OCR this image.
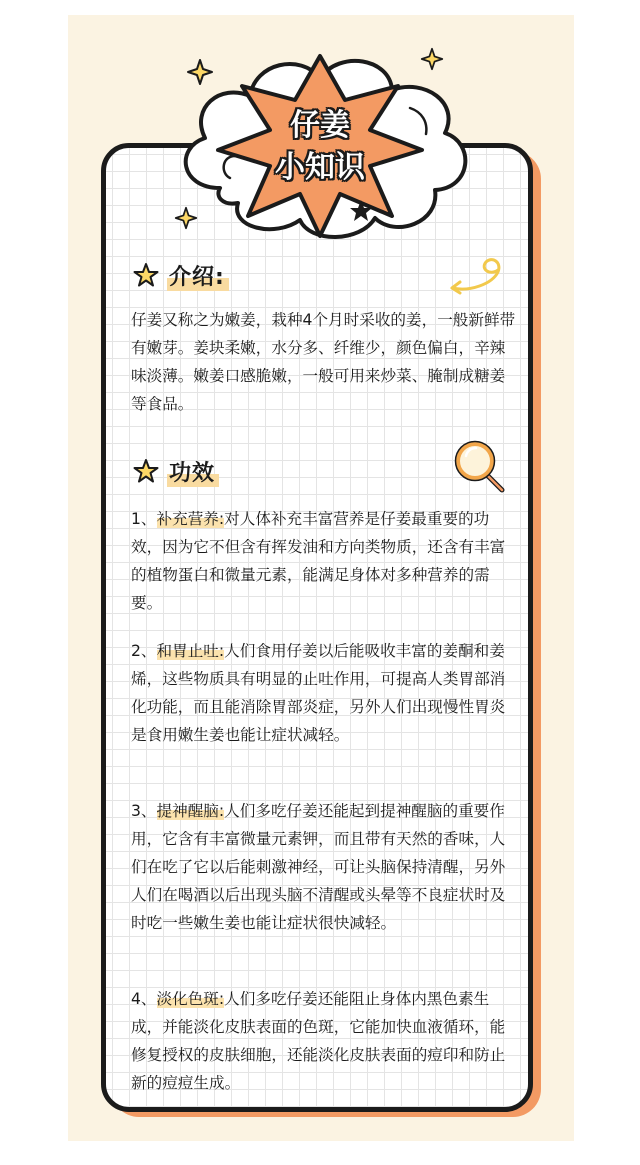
仔姜
小知识
介绍:

仔姜又称之为嫩姜，栽种4个月时采收的姜，一般新鲜带有嫩芽。姜块柔嫩，水分多、纤维少，颜色偏白，辛辣味淡薄。嫩姜口感脆嫩，一般可用来炒菜、腌制成糖姜等食品。

功效

1、补充营养:对人体补充丰富营养是仔姜最重要的功效，因为它不但含有挥发油和方向类物质，还含有丰富的植物蛋白和微量元素，能满足身体对多种营养的需要。

2、和胃止吐:人们食用仔姜以后能吸收丰富的姜酮和姜烯，这些物质具有明显的止吐作用，可提高人类胃部消化功能，而且能消除胃部炎症，另外人们出现慢性胃炎是食用嫩生姜也能让症状减轻。

3、提神醒脑:人们多吃仔姜还能起到提神醒脑的重要作用，它含有丰富微量元素钾，而且带有天然的香味，人们在吃了它以后能刺激神经，可让头脑保持清醒，另外人们在喝酒以后出现头脑不清醒或头晕等不良症状时及时吃一些嫩生姜也能让症状很快减轻。

4、淡化色斑:人们多吃仔姜还能阻止身体内黑色素生成，并能淡化皮肤表面的色斑，它能加快血液循环，能修复授权的皮肤细胞，还能淡化皮肤表面的痘印和防止新的痘痘生成。
